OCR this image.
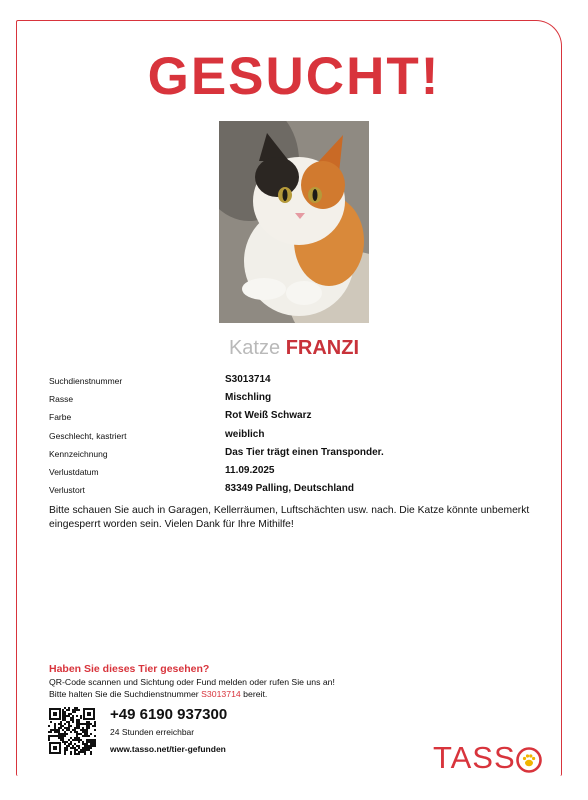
GESUCHT!
Katze FRANZI
Suchdienstnummer	S3013714
Rasse	Mischling
Farbe	Rot Weiß Schwarz
Geschlecht, kastriert	weiblich
Kennzeichnung	Das Tier trägt einen Transponder.
Verlustdatum	11.09.2025
Verlustort	83349 Palling, Deutschland
Bitte schauen Sie auch in Garagen, Kellerräumen, Luftschächten usw. nach. Die Katze könnte unbemerkt eingesperrt worden sein. Vielen Dank für Ihre Mithilfe!
Haben Sie dieses Tier gesehen?
QR-Code scannen und Sichtung oder Fund melden oder rufen Sie uns an!
Bitte halten Sie die Suchdienstnummer S3013714 bereit.
+49 6190 937300
24 Stunden erreichbar
www.tasso.net/tier-gefunden	TASS
